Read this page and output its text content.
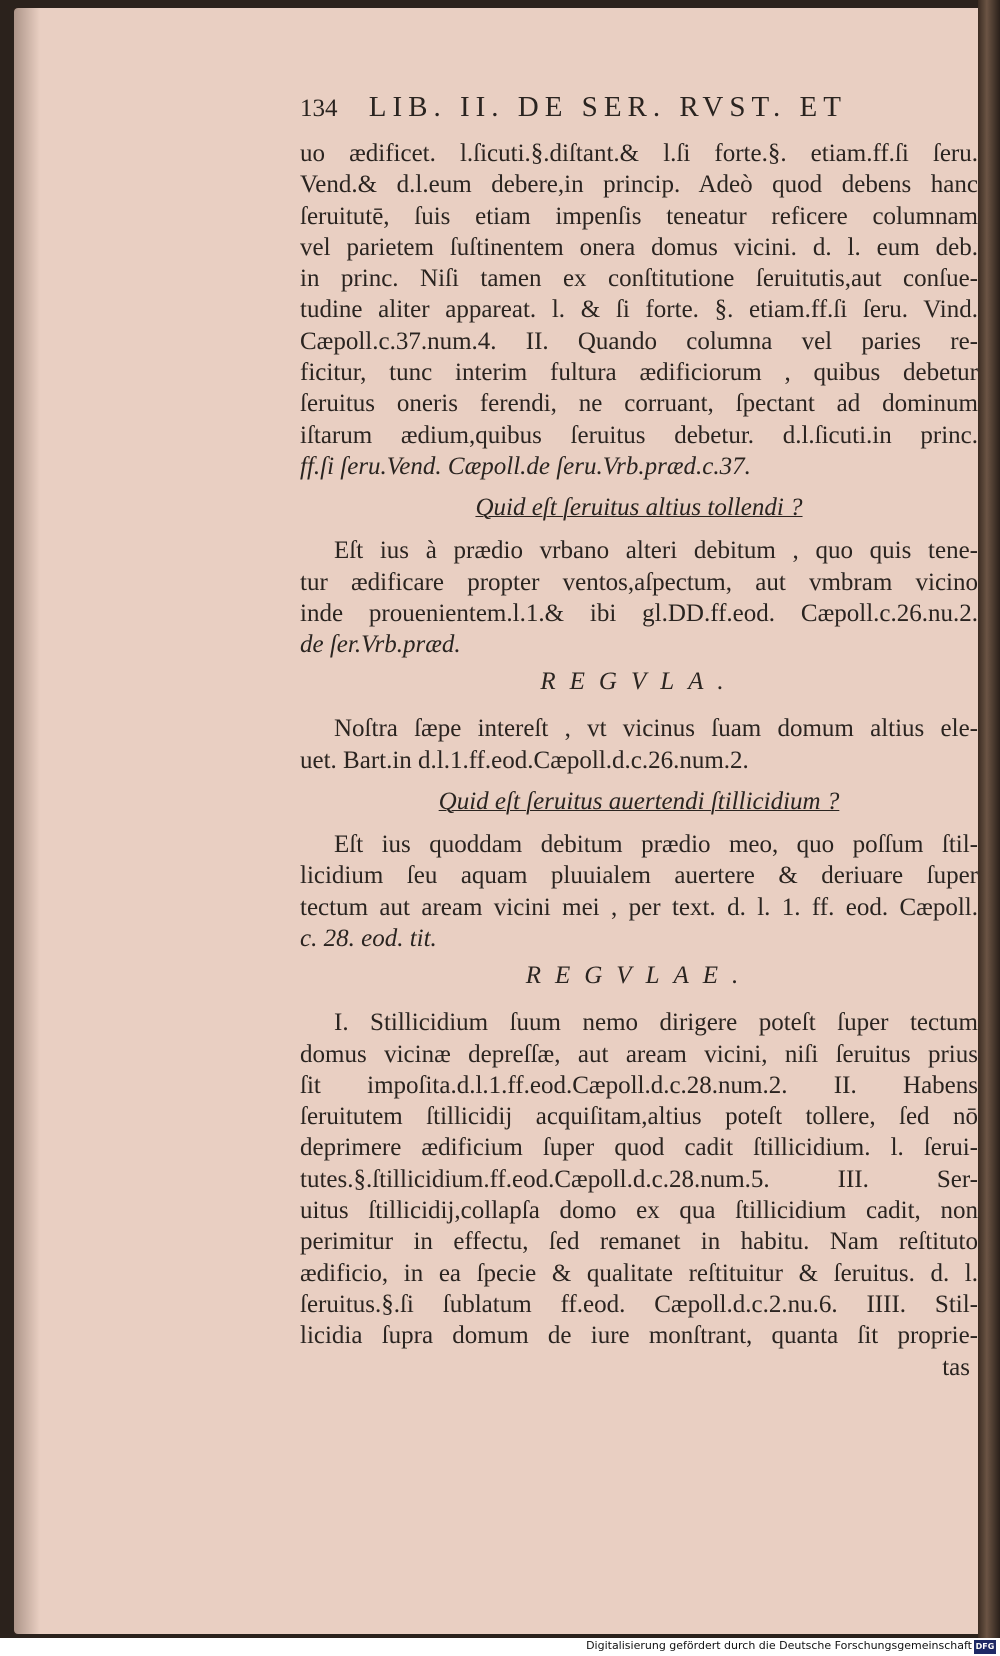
134 LIB. II. DE SER. RVST. ET
uo ædificet. l.ſicuti.§.diſtant.& l.ſi forte.§. etiam.ff.ſi ſeru.
Vend.& d.l.eum debere,in princip. Adeò quod debens hanc
ſeruitutē, ſuis etiam impenſis teneatur reficere columnam
vel parietem ſuſtinentem onera domus vicini. d. l. eum deb.
in princ. Niſi tamen ex conſtitutione ſeruitutis,aut conſue-
tudine aliter appareat. l. & ſi forte. §. etiam.ff.ſi ſeru. Vind.
Cæpoll.c.37.num.4. II. Quando columna vel paries re-
ficitur, tunc interim fultura ædificiorum , quibus debetur
ſeruitus oneris ferendi, ne corruant, ſpectant ad dominum
iſtarum ædium,quibus ſeruitus debetur. d.l.ſicuti.in princ.
ff.ſi ſeru.Vend. Cæpoll.de ſeru.Vrb.præd.c.37.
Quid eſt ſeruitus altius tollendi ?
Eſt ius à prædio vrbano alteri debitum , quo quis tene-
tur ædificare propter ventos,aſpectum, aut vmbram vicino
inde prouenientem.l.1.& ibi gl.DD.ff.eod. Cæpoll.c.26.nu.2.
de ſer.Vrb.præd.
REGVLA.
Noſtra ſæpe intereſt , vt vicinus ſuam domum altius ele-
uet. Bart.in d.l.1.ff.eod.Cæpoll.d.c.26.num.2.
Quid eſt ſeruitus auertendi ſtillicidium ?
Eſt ius quoddam debitum prædio meo, quo poſſum ſtil-
licidium ſeu aquam pluuialem auertere & deriuare ſuper
tectum aut aream vicini mei , per text. d. l. 1. ff. eod. Cæpoll.
c. 28. eod. tit.
REGVLAE.
I. Stillicidium ſuum nemo dirigere poteſt ſuper tectum
domus vicinæ depreſſæ, aut aream vicini, niſi ſeruitus prius
ſit impoſita.d.l.1.ff.eod.Cæpoll.d.c.28.num.2. II. Habens
ſeruitutem ſtillicidij acquiſitam,altius poteſt tollere, ſed nō
deprimere ædificium ſuper quod cadit ſtillicidium. l. ſerui-
tutes.§.ſtillicidium.ff.eod.Cæpoll.d.c.28.num.5. III. Ser-
uitus ſtillicidij,collapſa domo ex qua ſtillicidium cadit, non
perimitur in effectu, ſed remanet in habitu. Nam reſtituto
ædificio, in ea ſpecie & qualitate reſtituitur & ſeruitus. d. l.
ſeruitus.§.ſi ſublatum ff.eod. Cæpoll.d.c.2.nu.6. IIII. Stil-
licidia ſupra domum de iure monſtrant, quanta ſit proprie-
tas
Digitalisierung gefördert durch die Deutsche Forschungsgemeinschaft DFG
